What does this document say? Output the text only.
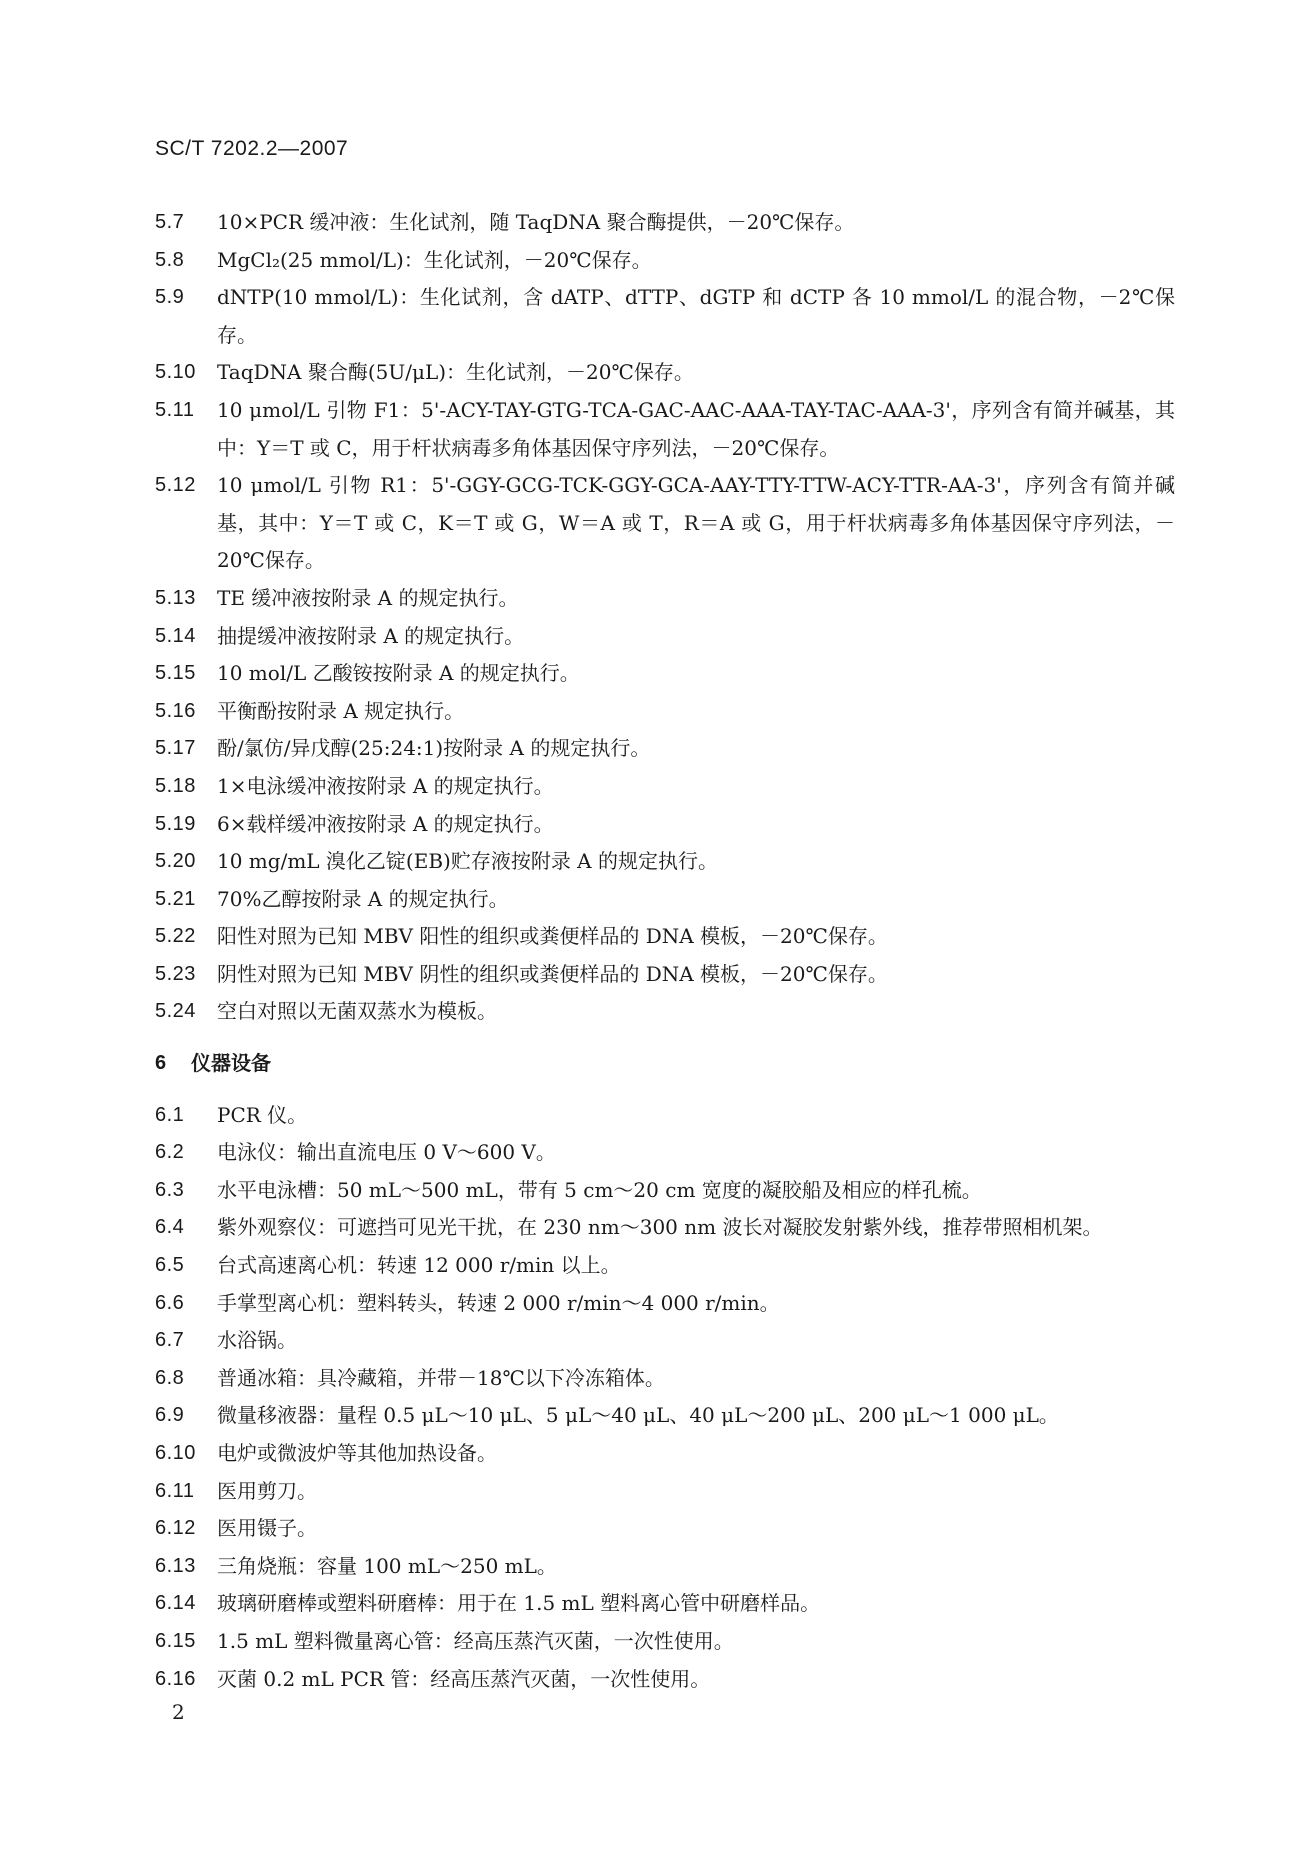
SC/T 7202.2—2007
5.7	10×PCR 缓冲液：生化试剂，随 TaqDNA 聚合酶提供，－20℃保存。
5.8	MgCl₂(25 mmol/L)：生化试剂，－20℃保存。
5.9	dNTP(10 mmol/L)：生化试剂，含 dATP、dTTP、dGTP 和 dCTP 各 10 mmol/L 的混合物，－2℃保存。
5.10	TaqDNA 聚合酶(5U/μL)：生化试剂，－20℃保存。
5.11	10 μmol/L 引物 F1：5'-ACY-TAY-GTG-TCA-GAC-AAC-AAA-TAY-TAC-AAA-3'，序列含有简并碱基，其中：Y＝T 或 C，用于杆状病毒多角体基因保守序列法，－20℃保存。
5.12	10 μmol/L 引物 R1：5'-GGY-GCG-TCK-GGY-GCA-AAY-TTY-TTW-ACY-TTR-AA-3'，序列含有简并碱基，其中：Y＝T 或 C，K＝T 或 G，W＝A 或 T，R＝A 或 G，用于杆状病毒多角体基因保守序列法，－20℃保存。
5.13	TE 缓冲液按附录 A 的规定执行。
5.14	抽提缓冲液按附录 A 的规定执行。
5.15	10 mol/L 乙酸铵按附录 A 的规定执行。
5.16	平衡酚按附录 A 规定执行。
5.17	酚/氯仿/异戊醇(25:24:1)按附录 A 的规定执行。
5.18	1×电泳缓冲液按附录 A 的规定执行。
5.19	6×载样缓冲液按附录 A 的规定执行。
5.20	10 mg/mL 溴化乙锭(EB)贮存液按附录 A 的规定执行。
5.21	70%乙醇按附录 A 的规定执行。
5.22	阳性对照为已知 MBV 阳性的组织或粪便样品的 DNA 模板，－20℃保存。
5.23	阴性对照为已知 MBV 阴性的组织或粪便样品的 DNA 模板，－20℃保存。
5.24	空白对照以无菌双蒸水为模板。
6	仪器设备
6.1	PCR 仪。
6.2	电泳仪：输出直流电压 0 V～600 V。
6.3	水平电泳槽：50 mL～500 mL，带有 5 cm～20 cm 宽度的凝胶船及相应的样孔梳。
6.4	紫外观察仪：可遮挡可见光干扰，在 230 nm～300 nm 波长对凝胶发射紫外线，推荐带照相机架。
6.5	台式高速离心机：转速 12 000 r/min 以上。
6.6	手掌型离心机：塑料转头，转速 2 000 r/min～4 000 r/min。
6.7	水浴锅。
6.8	普通冰箱：具冷藏箱，并带－18℃以下冷冻箱体。
6.9	微量移液器：量程 0.5 μL～10 μL、5 μL～40 μL、40 μL～200 μL、200 μL～1 000 μL。
6.10	电炉或微波炉等其他加热设备。
6.11	医用剪刀。
6.12	医用镊子。
6.13	三角烧瓶：容量 100 mL～250 mL。
6.14	玻璃研磨棒或塑料研磨棒：用于在 1.5 mL 塑料离心管中研磨样品。
6.15	1.5 mL 塑料微量离心管：经高压蒸汽灭菌，一次性使用。
6.16	灭菌 0.2 mL PCR 管：经高压蒸汽灭菌，一次性使用。
2
